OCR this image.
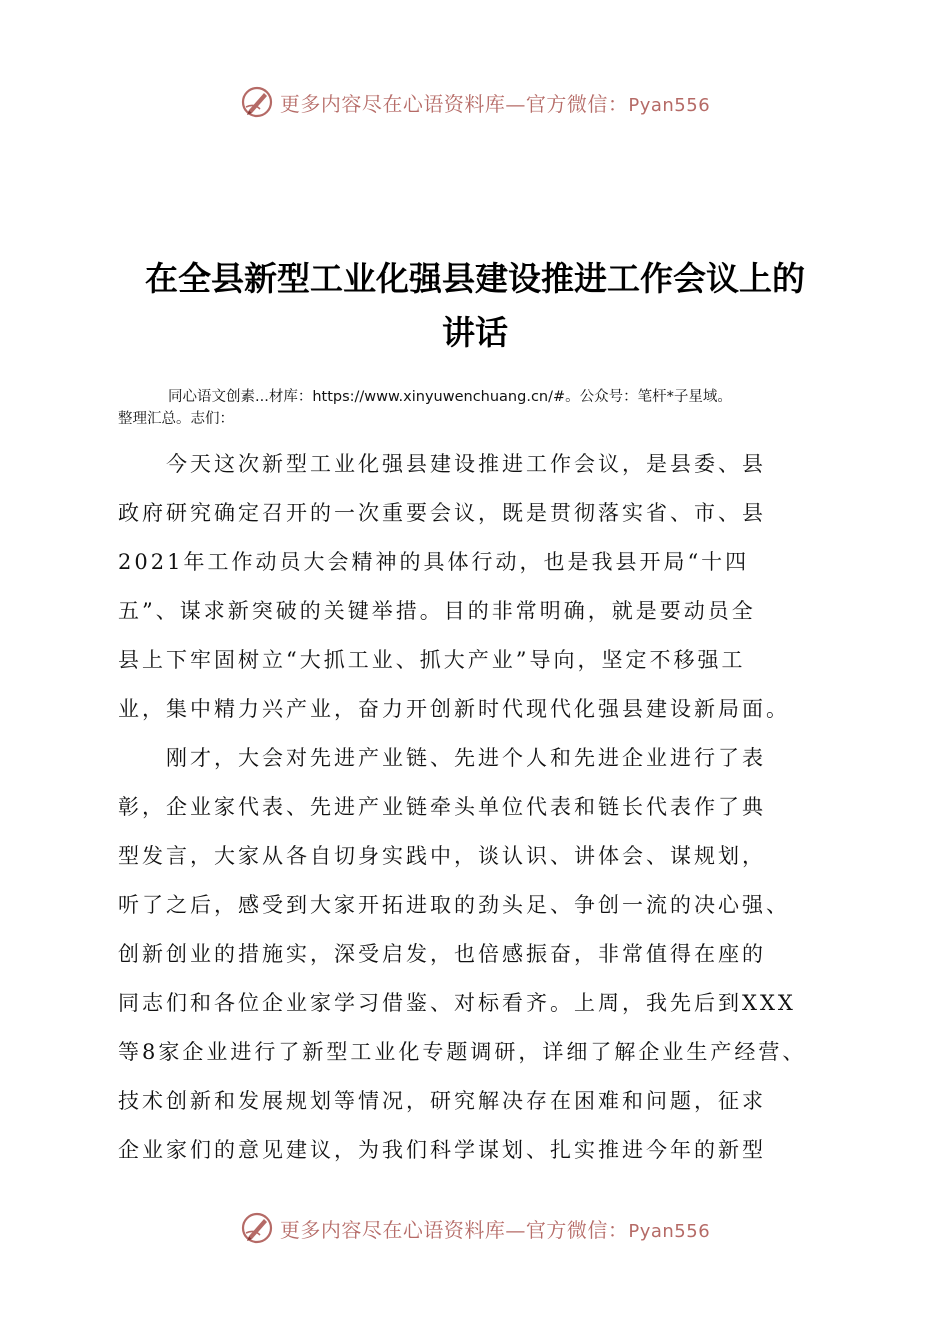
更多内容尽在心语资料库—官方微信：Pyan556
在全县新型工业化强县建设推进工作会议上的
讲话
同心语文创素...材库：https://www.xinyuwenchuang.cn/#。公众号：笔杆*子星域。
整理汇总。志们：
今天这次新型工业化强县建设推进工作会议，是县委、县
政府研究确定召开的一次重要会议，既是贯彻落实省、市、县
2021年工作动员大会精神的具体行动，也是我县开局“十四
五”、谋求新突破的关键举措。目的非常明确，就是要动员全
县上下牢固树立“大抓工业、抓大产业”导向，坚定不移强工
业，集中精力兴产业，奋力开创新时代现代化强县建设新局面。
刚才，大会对先进产业链、先进个人和先进企业进行了表
彰，企业家代表、先进产业链牵头单位代表和链长代表作了典
型发言，大家从各自切身实践中，谈认识、讲体会、谋规划，
听了之后，感受到大家开拓进取的劲头足、争创一流的决心强、
创新创业的措施实，深受启发，也倍感振奋，非常值得在座的
同志们和各位企业家学习借鉴、对标看齐。上周，我先后到XXX
等8家企业进行了新型工业化专题调研，详细了解企业生产经营、
技术创新和发展规划等情况，研究解决存在困难和问题，征求
企业家们的意见建议，为我们科学谋划、扎实推进今年的新型
更多内容尽在心语资料库—官方微信：Pyan556
